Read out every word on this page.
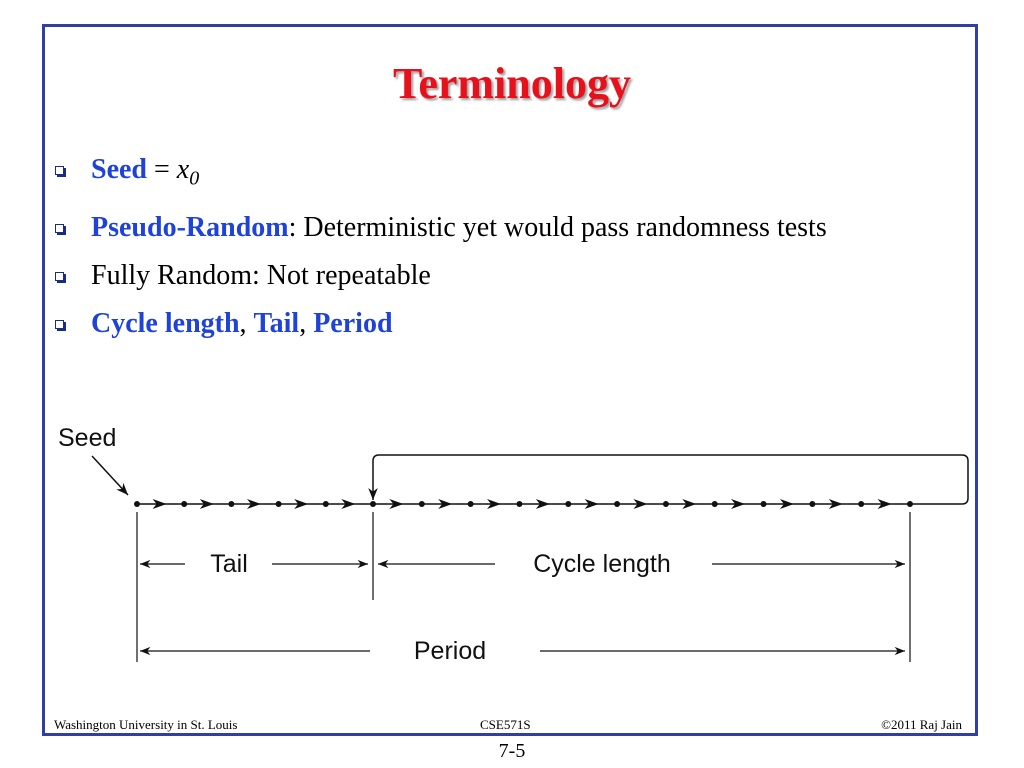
Terminology
Seed = $x_0$
Pseudo-Random: Deterministic yet would pass randomness tests
Fully Random: Not repeatable
Cycle length, Tail, Period
Seed
Tail	Cycle length
Period
Washington University in St. Louis	CSE571S	©2011 Raj Jain
7-5
